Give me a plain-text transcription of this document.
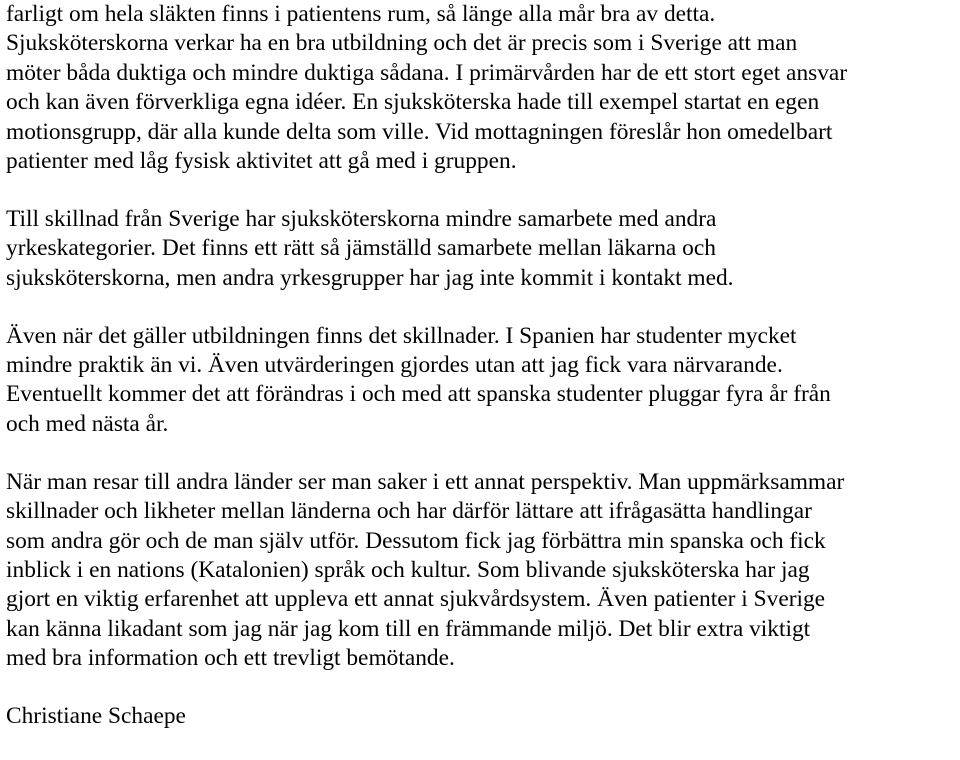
farligt om hela släkten finns i patientens rum, så länge alla mår bra av detta.
Sjuksköterskorna verkar ha en bra utbildning och det är precis som i Sverige att man
möter båda duktiga och mindre duktiga sådana. I primärvården har de ett stort eget ansvar
och kan även förverkliga egna idéer. En sjuksköterska hade till exempel startat en egen
motionsgrupp, där alla kunde delta som ville. Vid mottagningen föreslår hon omedelbart
patienter med låg fysisk aktivitet att gå med i gruppen.
Till skillnad från Sverige har sjuksköterskorna mindre samarbete med andra
yrkeskategorier. Det finns ett rätt så jämställd samarbete mellan läkarna och
sjuksköterskorna, men andra yrkesgrupper har jag inte kommit i kontakt med.
Även när det gäller utbildningen finns det skillnader. I Spanien har studenter mycket
mindre praktik än vi. Även utvärderingen gjordes utan att jag fick vara närvarande.
Eventuellt kommer det att förändras i och med att spanska studenter pluggar fyra år från
och med nästa år.
När man resar till andra länder ser man saker i ett annat perspektiv. Man uppmärksammar
skillnader och likheter mellan länderna och har därför lättare att ifrågasätta handlingar
som andra gör och de man själv utför. Dessutom fick jag förbättra min spanska och fick
inblick i en nations (Katalonien) språk och kultur. Som blivande sjuksköterska har jag
gjort en viktig erfarenhet att uppleva ett annat sjukvårdsystem. Även patienter i Sverige
kan känna likadant som jag när jag kom till en främmande miljö. Det blir extra viktigt
med bra information och ett trevligt bemötande.
Christiane Schaepe
